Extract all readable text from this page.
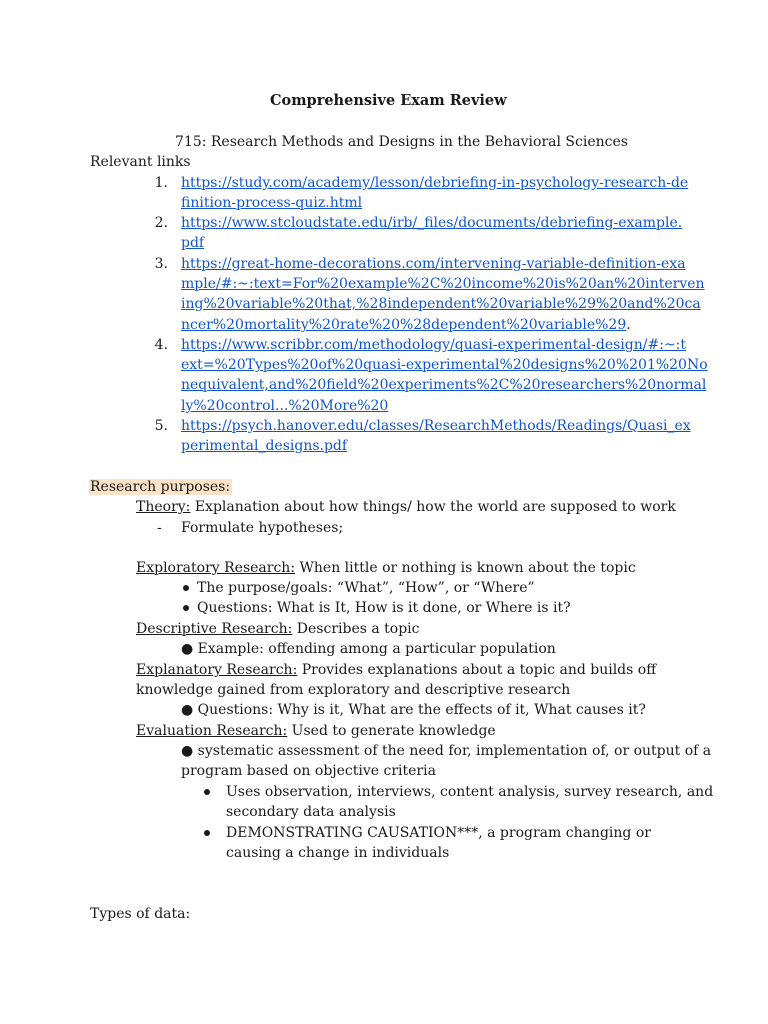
Comprehensive Exam Review
715: Research Methods and Designs in the Behavioral Sciences
Relevant links
1. https://study.com/academy/lesson/debriefing-in-psychology-research-de
finition-process-quiz.html
2. https://www.stcloudstate.edu/irb/_files/documents/debriefing-example.
pdf
3. https://great-home-decorations.com/intervening-variable-definition-exa
mple/#:~:text=For%20example%2C%20income%20is%20an%20interven
ing%20variable%20that,%28independent%20variable%29%20and%20ca
ncer%20mortality%20rate%20%28dependent%20variable%29.
4. https://www.scribbr.com/methodology/quasi-experimental-design/#:~:t
ext=%20Types%20of%20quasi-experimental%20designs%20%201%20No
nequivalent,and%20field%20experiments%2C%20researchers%20normal
ly%20control...%20More%20
5. https://psych.hanover.edu/classes/ResearchMethods/Readings/Quasi_ex
perimental_designs.pdf
Research purposes:
Theory: Explanation about how things/ how the world are supposed to work
- Formulate hypotheses;
Exploratory Research: When little or nothing is known about the topic
The purpose/goals: “What”, “How”, or “Where”
Questions: What is It, How is it done, or Where is it?
Descriptive Research: Describes a topic
● Example: offending among a particular population
Explanatory Research: Provides explanations about a topic and builds off
knowledge gained from exploratory and descriptive research
● Questions: Why is it, What are the effects of it, What causes it?
Evaluation Research: Used to generate knowledge
● systematic assessment of the need for, implementation of, or output of a
program based on objective criteria
Uses observation, interviews, content analysis, survey research, and
secondary data analysis
DEMONSTRATING CAUSATION***, a program changing or
causing a change in individuals
Types of data:
